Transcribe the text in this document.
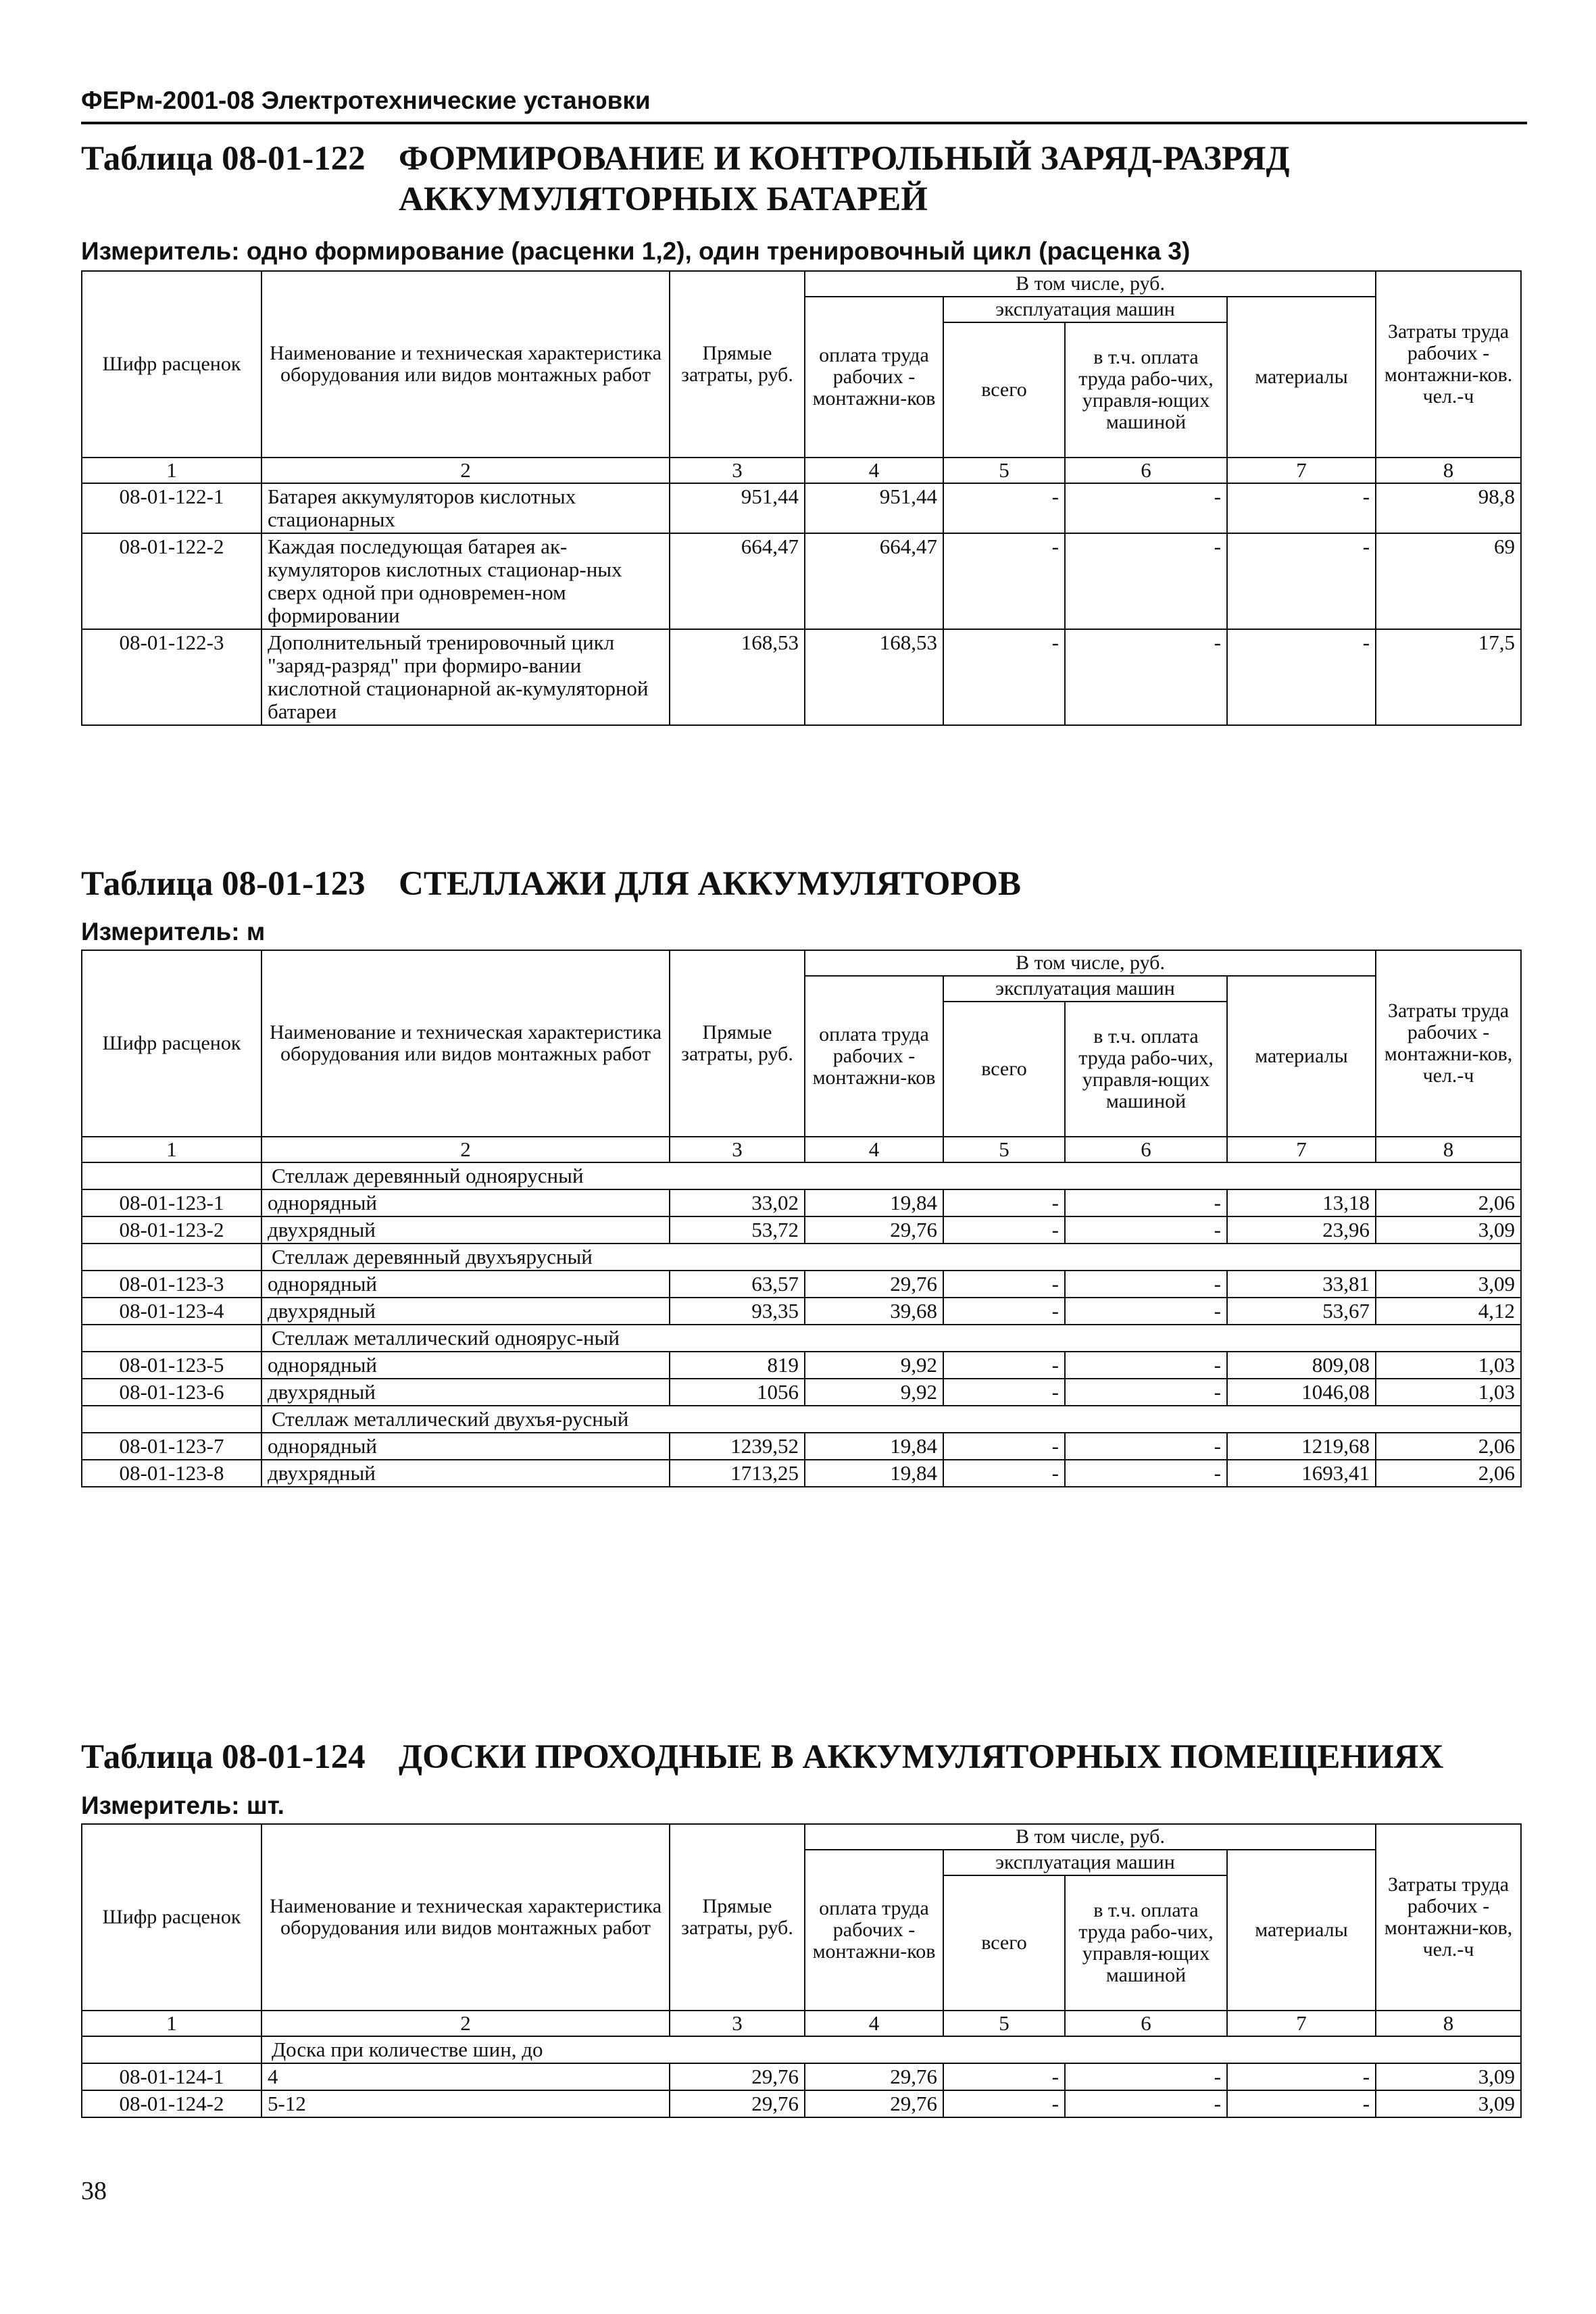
ФЕРм-2001-08 Электротехнические установки
Таблица 08-01-122 ФОРМИРОВАНИЕ И КОНТРОЛЬНЫЙ ЗАРЯД-РАЗРЯД АККУМУЛЯТОРНЫХ БАТАРЕЙ
Измеритель: одно формирование (расценки 1,2), один тренировочный цикл (расценка 3)
Шифр расценок	Наименование и техническая характеристика оборудования или видов монтажных работ	Прямые затраты, руб.	В том числе, руб.				Затраты труда рабочих - монтажни-ков. чел.-ч
			оплата труда рабочих - монтажни-ков	эксплуатация машин		материалы	
				всего	в т.ч. оплата труда рабо-чих, управля-ющих машиной		
1	2	3	4	5	6	7	8
08-01-122-1	Батарея аккумуляторов кислотных стационарных	951,44	951,44	-	-	-	98,8
08-01-122-2	Каждая последующая батарея ак-кумуляторов кислотных стационар-ных сверх одной при одновремен-ном формировании	664,47	664,47	-	-	-	69
08-01-122-3	Дополнительный тренировочный цикл "заряд-разряд" при формиро-вании кислотной стационарной ак-кумуляторной батареи	168,53	168,53	-	-	-	17,5
Таблица 08-01-123 СТЕЛЛАЖИ ДЛЯ АККУМУЛЯТОРОВ
Измеритель: м
Шифр расценок	Наименование и техническая характеристика оборудования или видов монтажных работ	Прямые затраты, руб.	В том числе, руб.				Затраты труда рабочих - монтажни-ков, чел.-ч
			оплата труда рабочих - монтажни-ков	эксплуатация машин		материалы	
				всего	в т.ч. оплата труда рабо-чих, управля-ющих машиной		
1	2	3	4	5	6	7	8
	Стеллаж деревянный одноярусный						
08-01-123-1	однорядный	33,02	19,84	-	-	13,18	2,06
08-01-123-2	двухрядный	53,72	29,76	-	-	23,96	3,09
	Стеллаж деревянный двухъярусный						
08-01-123-3	однорядный	63,57	29,76	-	-	33,81	3,09
08-01-123-4	двухрядный	93,35	39,68	-	-	53,67	4,12
	Стеллаж металлический одноярус-ный						
08-01-123-5	однорядный	819	9,92	-	-	809,08	1,03
08-01-123-6	двухрядный	1056	9,92	-	-	1046,08	1,03
	Стеллаж металлический двухъя-русный						
08-01-123-7	однорядный	1239,52	19,84	-	-	1219,68	2,06
08-01-123-8	двухрядный	1713,25	19,84	-	-	1693,41	2,06
Таблица 08-01-124 ДОСКИ ПРОХОДНЫЕ В АККУМУЛЯТОРНЫХ ПОМЕЩЕНИЯХ
Измеритель: шт.
Шифр расценок	Наименование и техническая характеристика оборудования или видов монтажных работ	Прямые затраты, руб.	В том числе, руб.				Затраты труда рабочих - монтажни-ков, чел.-ч
			оплата труда рабочих - монтажни-ков	эксплуатация машин		материалы	
				всего	в т.ч. оплата труда рабо-чих, управля-ющих машиной		
1	2	3	4	5	6	7	8
	Доска при количестве шин, до						
08-01-124-1	4	29,76	29,76	-	-	-	3,09
08-01-124-2	5-12	29,76	29,76	-	-	-	3,09
38
